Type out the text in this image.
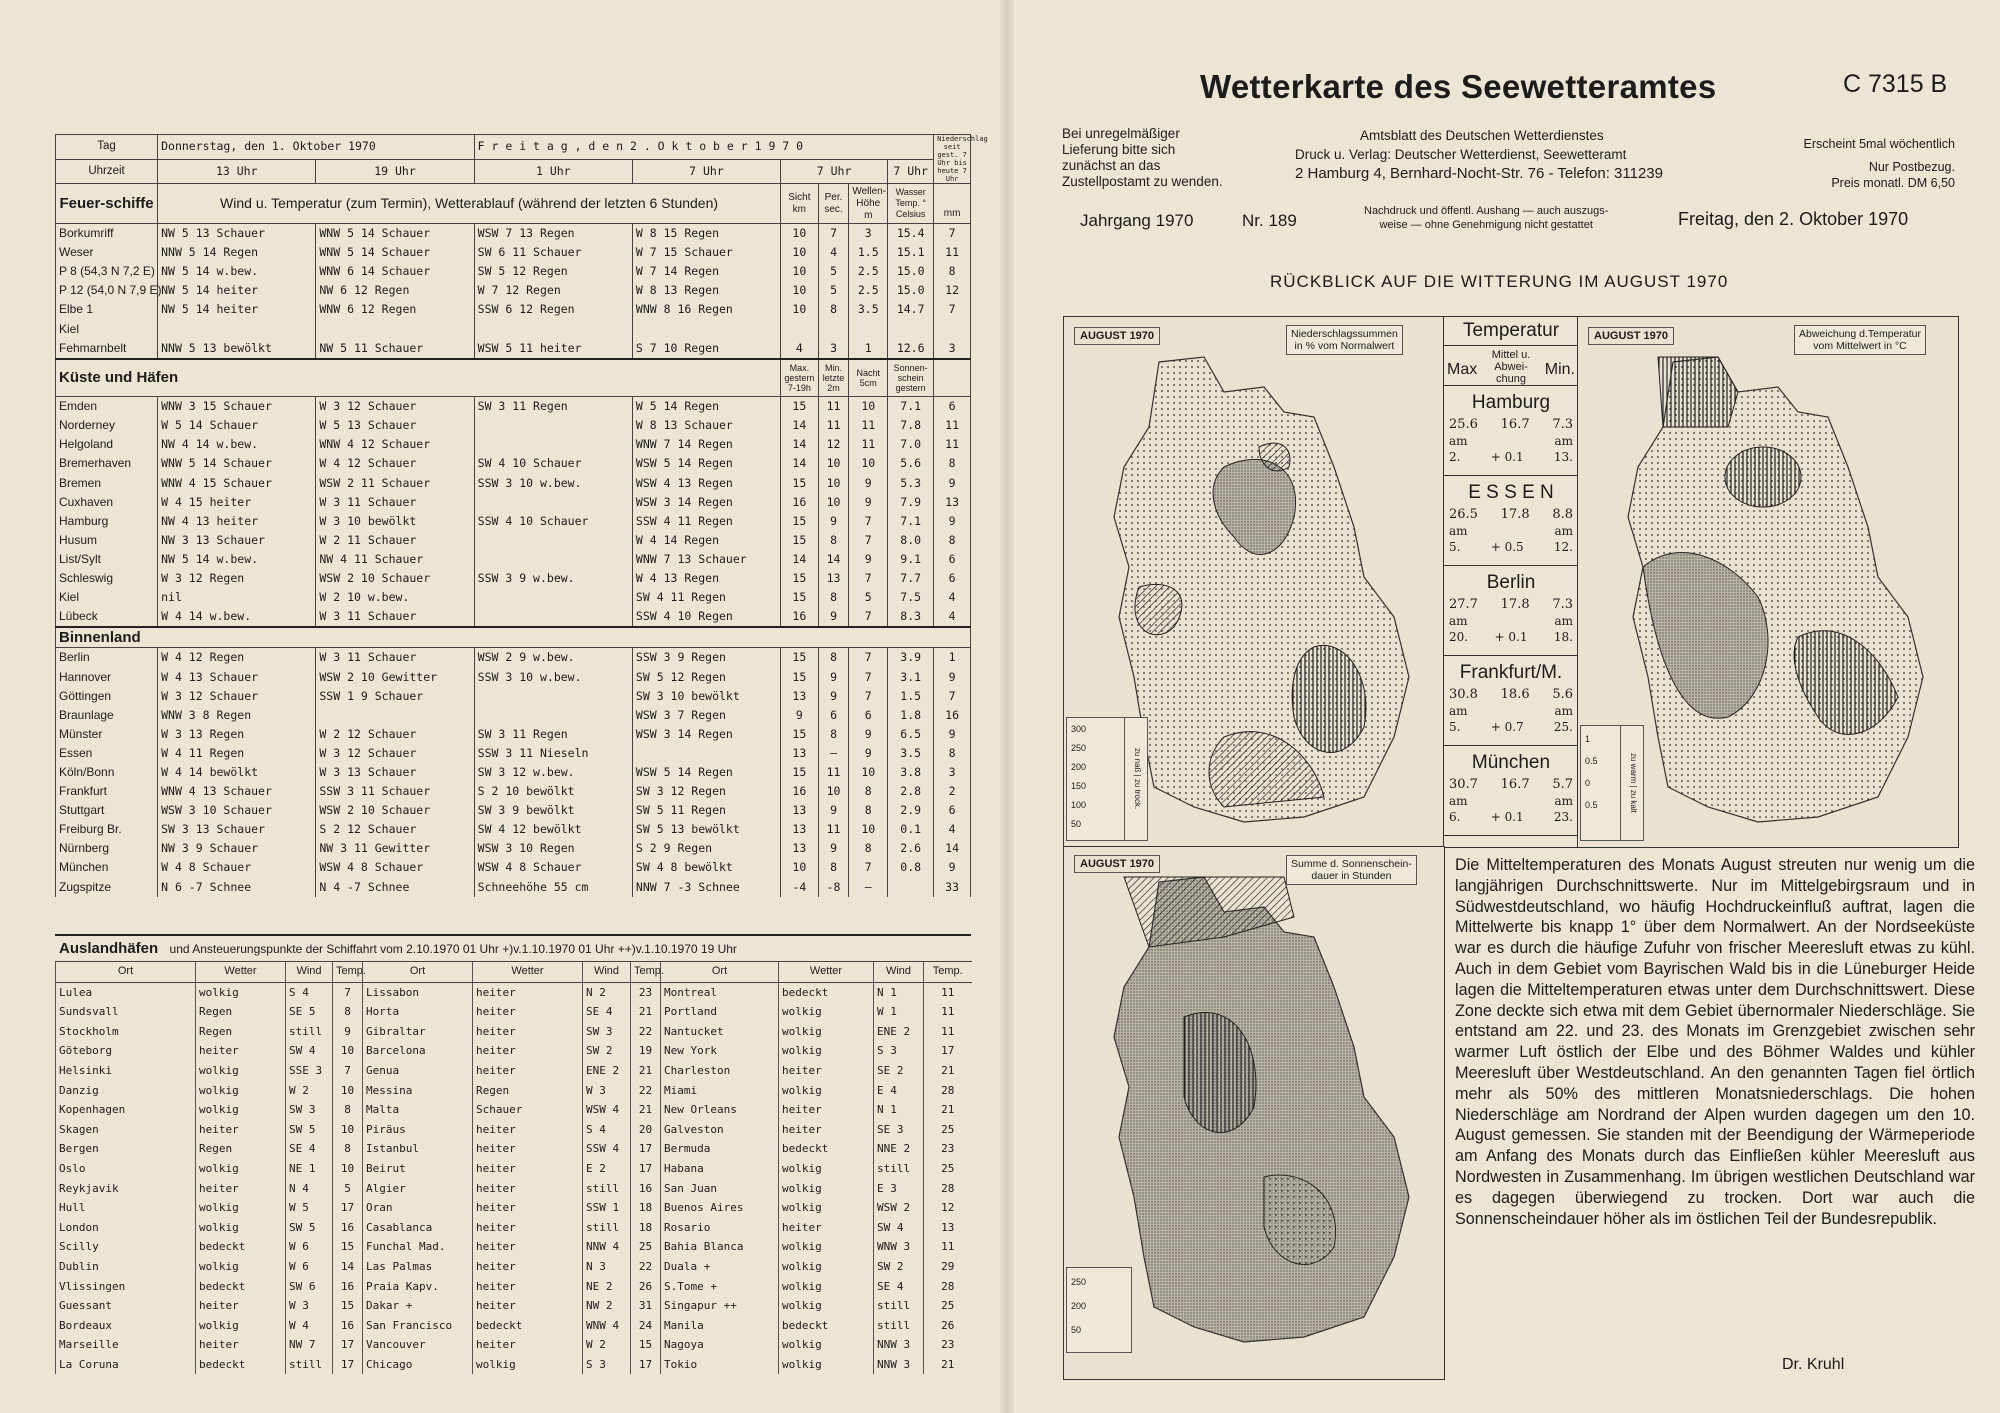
Tag	Donnerstag, den 1. Oktober 1970		F r e i t a g , d e n 2 . O k t o b e r 1 9 7 0						Niederschlag seit gest. 7 Uhr bis heute 7 Uhr
Uhrzeit	13 Uhr	19 Uhr	1 Uhr	7 Uhr	7 Uhr			7 Uhr	
Feuer-schiffe	Wind u. Temperatur (zum Termin), Wetterablauf (während der letzten 6 Stunden)				Sicht km	Per. sec.	Wellen- Höhe m	Wasser Temp. ° Celsius	mm
Borkumriff	NW 5 13 Schauer	WNW 5 14 Schauer	WSW 7 13 Regen	W 8 15 Regen	10	7	3	15.4	7
Weser	NNW 5 14 Regen	WNW 5 14 Schauer	SW 6 11 Schauer	W 7 15 Schauer	10	4	1.5	15.1	11
P 8 (54,3 N 7,2 E)	NW 5 14 w.bew.	WNW 6 14 Schauer	SW 5 12 Regen	W 7 14 Regen	10	5	2.5	15.0	8
P 12 (54,0 N 7,9 E)	NW 5 14 heiter	NW 6 12 Regen	W 7 12 Regen	W 8 13 Regen	10	5	2.5	15.0	12
Elbe 1	NW 5 14 heiter	WNW 6 12 Regen	SSW 6 12 Regen	WNW 8 16 Regen	10	8	3.5	14.7	7
Kiel									
Fehmarnbelt	NNW 5 13 bewölkt	NW 5 11 Schauer	WSW 5 11 heiter	S 7 10 Regen	4	3	1	12.6	3
Küste und Häfen					Max. gestern 7-19h	Min. letzte 2m	Nacht 5cm	Sonnen- schein gestern	
Emden	WNW 3 15 Schauer	W 3 12 Schauer	SW 3 11 Regen	W 5 14 Regen	15	11	10	7.1	6
Norderney	W 5 14 Schauer	W 5 13 Schauer		W 8 13 Schauer	14	11	11	7.8	11
Helgoland	NW 4 14 w.bew.	WNW 4 12 Schauer		WNW 7 14 Regen	14	12	11	7.0	11
Bremerhaven	WNW 5 14 Schauer	W 4 12 Schauer	SW 4 10 Schauer	WSW 5 14 Regen	14	10	10	5.6	8
Bremen	WNW 4 15 Schauer	WSW 2 11 Schauer	SSW 3 10 w.bew.	WSW 4 13 Regen	15	10	9	5.3	9
Cuxhaven	W 4 15 heiter	W 3 11 Schauer		WSW 3 14 Regen	16	10	9	7.9	13
Hamburg	NW 4 13 heiter	W 3 10 bewölkt	SSW 4 10 Schauer	SSW 4 11 Regen	15	9	7	7.1	9
Husum	NW 3 13 Schauer	W 2 11 Schauer		W 4 14 Regen	15	8	7	8.0	8
List/Sylt	NW 5 14 w.bew.	NW 4 11 Schauer		WNW 7 13 Schauer	14	14	9	9.1	6
Schleswig	W 3 12 Regen	WSW 2 10 Schauer	SSW 3 9 w.bew.	W 4 13 Regen	15	13	7	7.7	6
Kiel	nil	W 2 10 w.bew.		SW 4 11 Regen	15	8	5	7.5	4
Lübeck	W 4 14 w.bew.	W 3 11 Schauer		SSW 4 10 Regen	16	9	7	8.3	4
Binnenland									
Berlin	W 4 12 Regen	W 3 11 Schauer	WSW 2 9 w.bew.	SSW 3 9 Regen	15	8	7	3.9	1
Hannover	W 4 13 Schauer	WSW 2 10 Gewitter	SSW 3 10 w.bew.	SW 5 12 Regen	15	9	7	3.1	9
Göttingen	W 3 12 Schauer	SSW 1 9 Schauer		SW 3 10 bewölkt	13	9	7	1.5	7
Braunlage	WNW 3 8 Regen			WSW 3 7 Regen	9	6	6	1.8	16
Münster	W 3 13 Regen	W 2 12 Schauer	SW 3 11 Regen	WSW 3 14 Regen	15	8	9	6.5	9
Essen	W 4 11 Regen	W 3 12 Schauer	SSW 3 11 Nieseln		13	–	9	3.5	8
Köln/Bonn	W 4 14 bewölkt	W 3 13 Schauer	SW 3 12 w.bew.	WSW 5 14 Regen	15	11	10	3.8	3
Frankfurt	WNW 4 13 Schauer	SSW 3 11 Schauer	S 2 10 bewölkt	SW 3 12 Regen	16	10	8	2.8	2
Stuttgart	WSW 3 10 Schauer	WSW 2 10 Schauer	SW 3 9 bewölkt	SW 5 11 Regen	13	9	8	2.9	6
Freiburg Br.	SW 3 13 Schauer	S 2 12 Schauer	SW 4 12 bewölkt	SW 5 13 bewölkt	13	11	10	0.1	4
Nürnberg	NW 3 9 Schauer	NW 3 11 Gewitter	WSW 3 10 Regen	S 2 9 Regen	13	9	8	2.6	14
München	W 4 8 Schauer	WSW 4 8 Schauer	WSW 4 8 Schauer	SW 4 8 bewölkt	10	8	7	0.8	9
Zugspitze	N 6 -7 Schnee	N 4 -7 Schnee	Schneehöhe 55 cm	NNW 7 -3 Schnee	-4	-8	–		33
Auslandhäfen und Ansteuerungspunkte der Schiffahrt vom 2.10.1970 01 Uhr +)v.1.10.1970 01 Uhr ++)v.1.10.1970 19 Uhr
Ort	Wetter	Wind	Temp.	Ort	Wetter	Wind	Temp.	Ort	Wetter	Wind	Temp.
Lulea	wolkig	S 4	7	Lissabon	heiter	N 2	23	Montreal	bedeckt	N 1	11
Sundsvall	Regen	SE 5	8	Horta	heiter	SE 4	21	Portland	wolkig	W 1	11
Stockholm	Regen	still	9	Gibraltar	heiter	SW 3	22	Nantucket	wolkig	ENE 2	11
Göteborg	heiter	SW 4	10	Barcelona	heiter	SW 2	19	New York	wolkig	S 3	17
Helsinki	wolkig	SSE 3	7	Genua	heiter	ENE 2	21	Charleston	heiter	SE 2	21
Danzig	wolkig	W 2	10	Messina	Regen	W 3	22	Miami	wolkig	E 4	28
Kopenhagen	wolkig	SW 3	8	Malta	Schauer	WSW 4	21	New Orleans	heiter	N 1	21
Skagen	heiter	SW 5	10	Piräus	heiter	S 4	20	Galveston	heiter	SE 3	25
Bergen	Regen	SE 4	8	Istanbul	heiter	SSW 4	17	Bermuda	bedeckt	NNE 2	23
Oslo	wolkig	NE 1	10	Beirut	heiter	E 2	17	Habana	wolkig	still	25
Reykjavik	heiter	N 4	5	Algier	heiter	still	16	San Juan	wolkig	E 3	28
Hull	wolkig	W 5	17	Oran	heiter	SSW 1	18	Buenos Aires	wolkig	WSW 2	12
London	wolkig	SW 5	16	Casablanca	heiter	still	18	Rosario	heiter	SW 4	13
Scilly	bedeckt	W 6	15	Funchal Mad.	heiter	NNW 4	25	Bahia Blanca	wolkig	WNW 3	11
Dublin	wolkig	W 6	14	Las Palmas	heiter	N 3	22	Duala +	wolkig	SW 2	29
Vlissingen	bedeckt	SW 6	16	Praia Kapv.	heiter	NE 2	26	S.Tome +	wolkig	SE 4	28
Guessant	heiter	W 3	15	Dakar +	heiter	NW 2	31	Singapur ++	wolkig	still	25
Bordeaux	wolkig	W 4	16	San Francisco	bedeckt	WNW 4	24	Manila	bedeckt	still	26
Marseille	heiter	NW 7	17	Vancouver	heiter	W 2	15	Nagoya	wolkig	NNW 3	23
La Coruna	bedeckt	still	17	Chicago	wolkig	S 3	17	Tokio	wolkig	NNW 3	21
Wetterkarte des Seewetteramtes	C 7315 B
Bei unregelmäßiger
Lieferung bitte sich
zunächst an das
Zustellpostamt zu wenden.
Amtsblatt des Deutschen Wetterdienstes
Druck u. Verlag: Deutscher Wetterdienst, Seewetteramt
2 Hamburg 4, Bernhard-Nocht-Str. 76 - Telefon: 311239
Erscheint 5mal wöchentlich
Nur Postbezug.
Preis monatl. DM 6,50
Jahrgang 1970	Nr. 189	Nachdruck und öffentl. Aushang — auch auszugs-
weise — ohne Genehmigung nicht gestattet	Freitag, den 2. Oktober 1970
RÜCKBLICK AUF DIE WITTERUNG IM AUGUST 1970
AUGUST 1970	Niederschlagssummen
in % vom Normalwert
300
250
200
150
100
50
zu naß | zu trock.
Temperatur
Mittel u.
Max Abwei-
chung
Min.
Hamburg
25.6 16.7 7.3
am	am
2.	+ 0.1	13.
E S S E N
26.5 17.8 8.8
am	am
5.	+ 0.5	12.
Berlin
27.7 17.8 7.3
am	am
20. + 0.1 18.
Frankfurt/M.
30.8 18.6 5.6
am	am
5.	+ 0.7	25.
München
30.7 16.7 5.7
am	am
6.	+ 0.1	23.
AUGUST 1970	Abweichung d.Temperatur
vom Mittelwert in °C
1
0.5
0
0.5	zu warm | zu kalt
AUGUST 1970	Summe d. Sonnenschein-
dauer in Stunden
250
200
50
Die Mitteltemperaturen des Monats August streuten nur wenig um die langjährigen Durchschnittswerte. Nur im Mittelgebirgsraum und in Südwestdeutschland, wo häufig Hochdruckeinfluß auftrat, lagen die Mittelwerte bis knapp 1° über dem Normalwert. An der Nordseeküste war es durch die häufige Zufuhr von frischer Meeresluft etwas zu kühl. Auch in dem Gebiet vom Bayrischen Wald bis in die Lüneburger Heide lagen die Mitteltemperaturen etwas unter dem Durchschnittswert. Diese Zone deckte sich etwa mit dem Gebiet übernormaler Niederschläge. Sie entstand am 22. und 23. des Monats im Grenzgebiet zwischen sehr warmer Luft östlich der Elbe und des Böhmer Waldes und kühler Meeresluft über Westdeutschland. An den genannten Tagen fiel örtlich mehr als 50% des mittleren Monatsniederschlags. Die hohen Niederschläge am Nordrand der Alpen wurden dagegen um den 10. August gemessen. Sie standen mit der Beendigung der Wärmeperiode am Anfang des Monats durch das Einfließen kühler Meeresluft aus Nordwesten in Zusammenhang. Im übrigen westlichen Deutschland war es dagegen überwiegend zu trocken. Dort war auch die Sonnenscheindauer höher als im östlichen Teil der Bundesrepublik.
Dr. Kruhl
